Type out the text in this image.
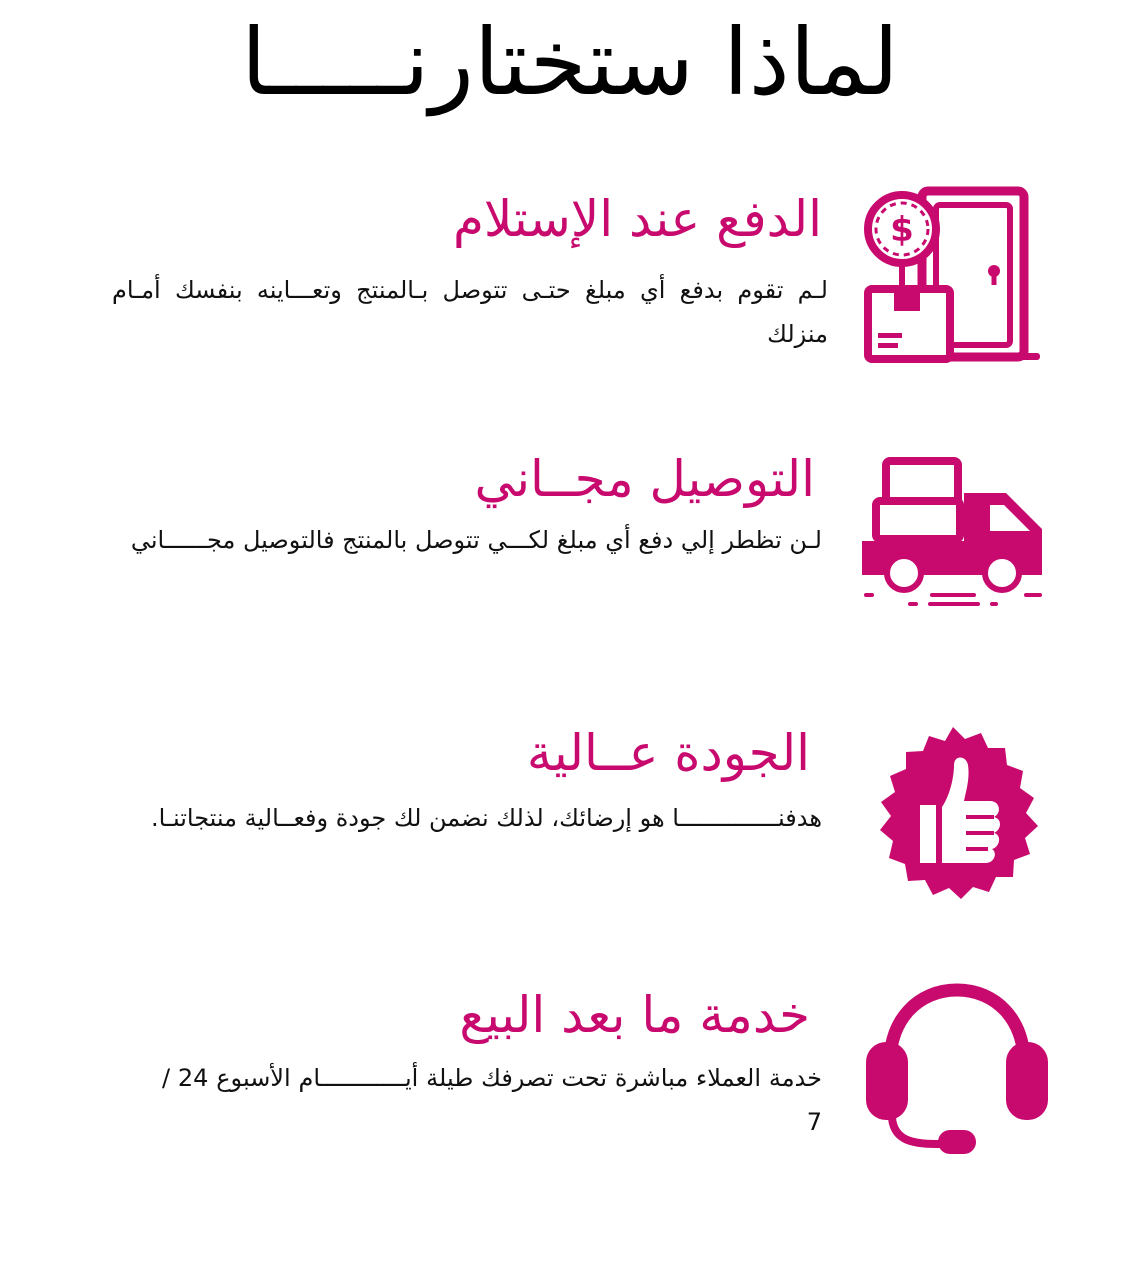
لماذا ستختارنـــــا
$
الدفع عند الإستلام
لـم تقوم بدفع أي مبلغ حتـى تتوصل بـالمنتج وتعـــاينه بنفسك أمـام منزلك
التوصيل مجــاني
لـن تظطر إلي دفع أي مبلغ لكـــي تتوصل بالمنتج فالتوصيل مجــــــاني
الجودة عــالية
هدفنــــــــــــــا هو إرضائك، لذلك نضمن لك جودة وفعــالية منتجاتنـا.
خدمة ما بعد البيع
خدمة العملاء مباشرة تحت تصرفك طيلة أيــــــــــــام الأسبوع 24 / 7
